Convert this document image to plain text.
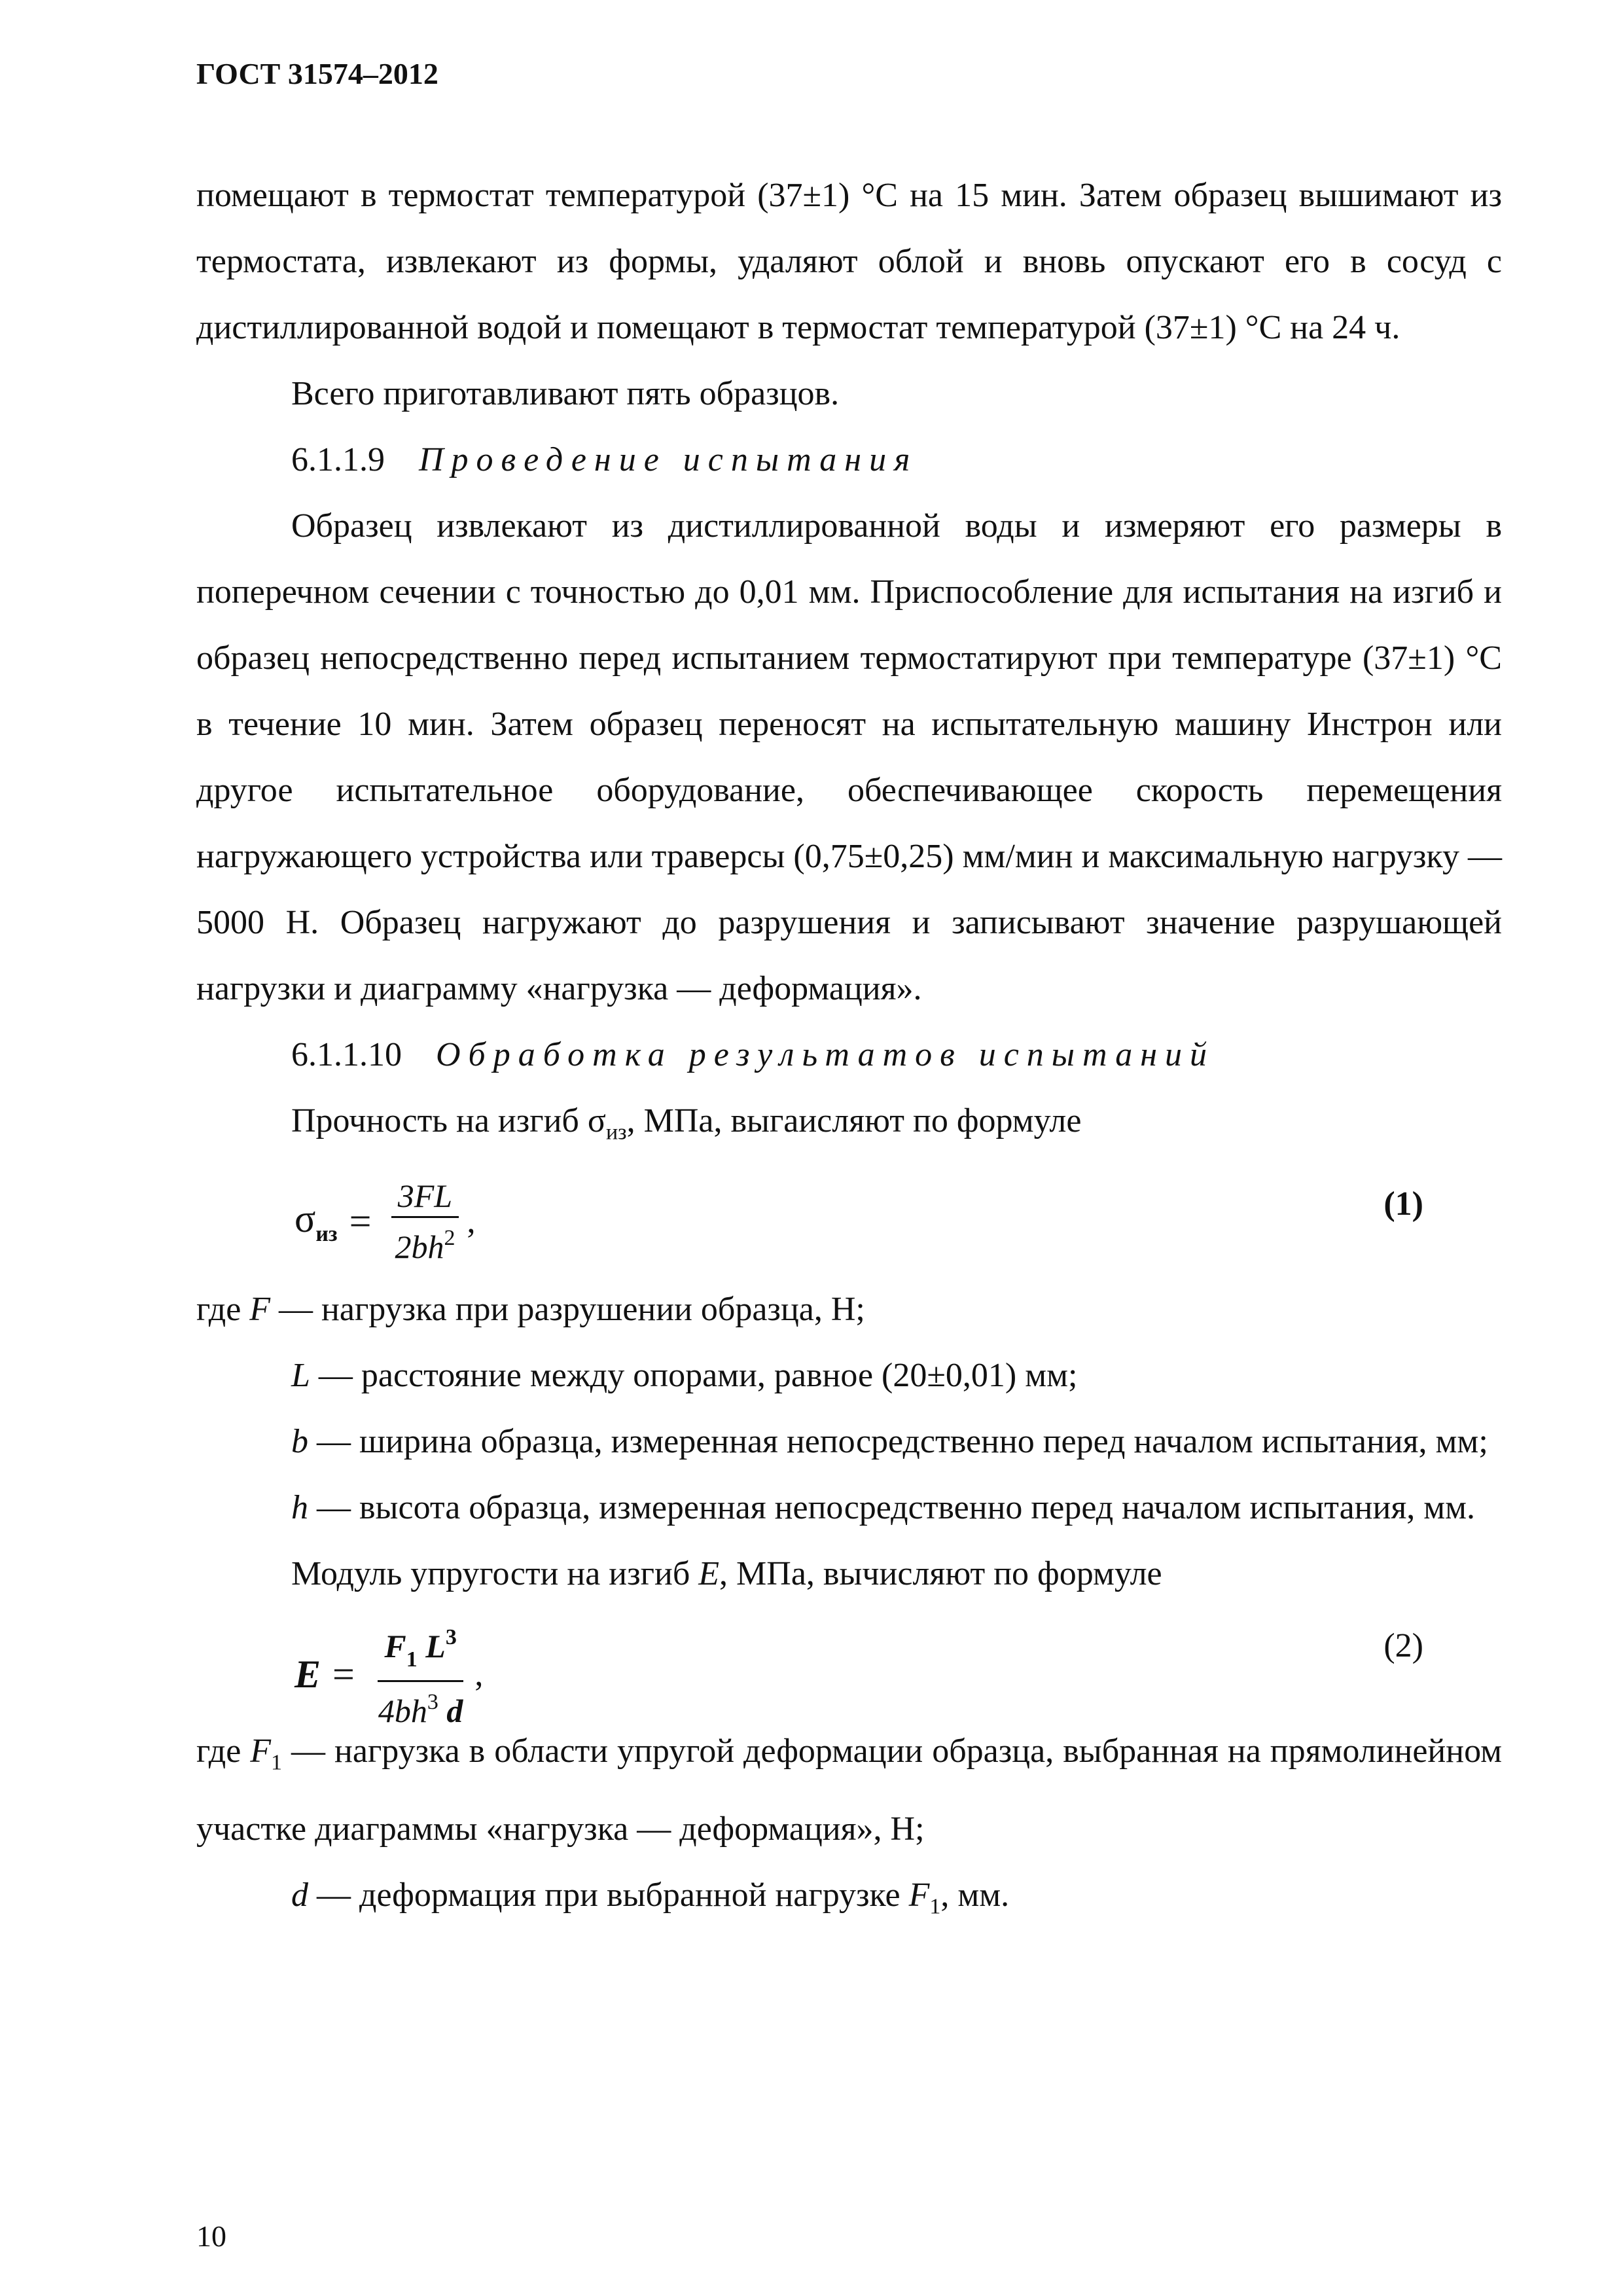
ГОСТ 31574–2012

помещают в термостат температурой (37±1) °С на 15 мин. Затем образец вышимают из термостата, извлекают из формы, удаляют облой и вновь опускают его в сосуд с дистиллированной водой и помещают в термостат температурой (37±1) °С на 24 ч.

Всего приготавливают пять образцов.

6.1.1.9 Проведение испытания

Образец извлекают из дистиллированной воды и измеряют его размеры в поперечном сечении с точностью до 0,01 мм. Приспособление для испытания на изгиб и образец непосредственно перед испытанием термостатируют при температуре (37±1) °С в течение 10 мин. Затем образец переносят на испытательную машину Инстрон или другое испытательное оборудование, обеспечивающее скорость перемещения нагружающего устройства или траверсы (0,75±0,25) мм/мин и максимальную нагрузку — 5000 Н. Образец нагружают до разрушения и записывают значение разрушающей нагрузки и диаграмму «нагрузка — деформация».

6.1.1.10 Обработка результатов испытаний

Прочность на изгиб $\sigma_{из}$, МПа, выгаисляют по формуле

$\sigma_{из} = \frac{3FL}{2bh^2}$ ,	(1)

где F — нагрузка при разрушении образца, Н;

L — расстояние между опорами, равное (20±0,01) мм;

b — ширина образца, измеренная непосредственно перед началом испытания, мм;

h — высота образца, измеренная непосредственно перед началом испытания, мм.

Модуль упругости на изгиб E, МПа, вычисляют по формуле

$E = \frac{F_1 L^3}{4bh^3 d}$ ,
(2)

где $F_1$ — нагрузка в области упругой деформации образца, выбранная на прямолинейном участке диаграммы «нагрузка — деформация», Н;

d — деформация при выбранной нагрузке $F_1$, мм.

10
